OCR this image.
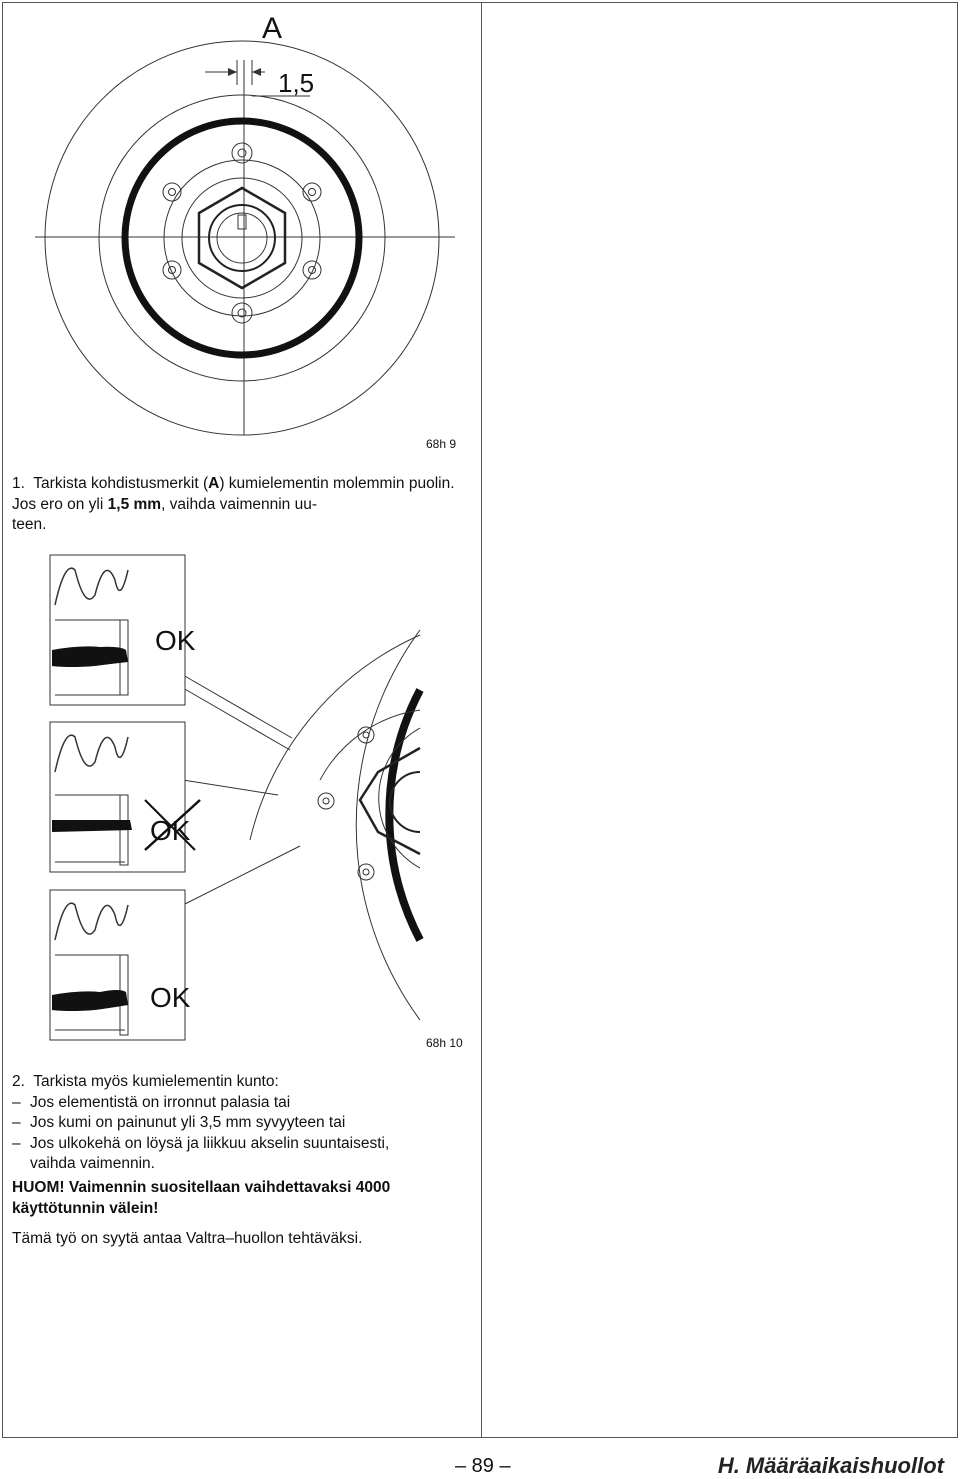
A
1,5
68h 9
1. Tarkista kohdistusmerkit (A) kumielementin molemmin puolin. Jos ero on yli 1,5 mm, vaihda vaimennin uu-
teen.
OK
OK
OK
68h 10
2. Tarkista myös kumielementin kunto:
– Jos elementistä on irronnut palasia tai
– Jos kumi on painunut yli 3,5 mm syvyyteen tai
– Jos ulkokehä on löysä ja liikkuu akselin suuntaisesti,
vaihda vaimennin.
HUOM! Vaimennin suositellaan vaihdettavaksi 4000 käyttötunnin välein!
Tämä työ on syytä antaa Valtra–huollon tehtäväksi.
– 89 –	H. Määräaikaishuollot
